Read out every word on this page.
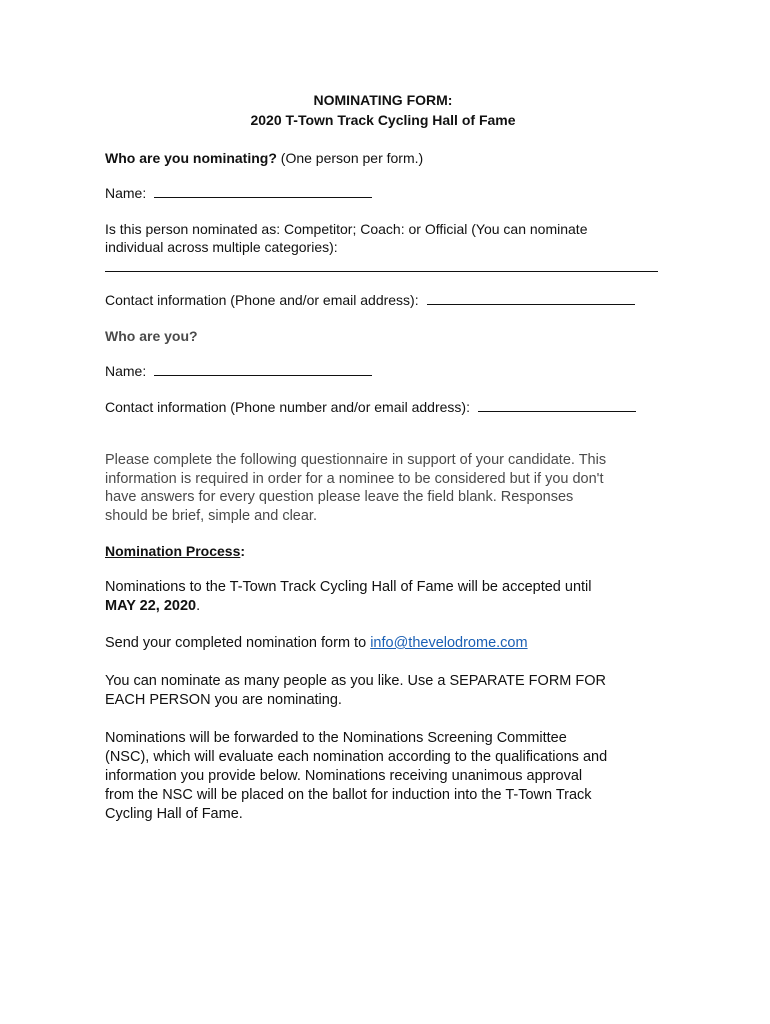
NOMINATING FORM:
2020 T-Town Track Cycling Hall of Fame
Who are you nominating? (One person per form.)
Name:
Is this person nominated as: Competitor; Coach: or Official (You can nominate
individual across multiple categories):
Contact information (Phone and/or email address):
Who are you?
Name:
Contact information (Phone number and/or email address):
Please complete the following questionnaire in support of your candidate. This
information is required in order for a nominee to be considered but if you don't
have answers for every question please leave the field blank. Responses
should be brief, simple and clear.
Nomination Process:
Nominations to the T-Town Track Cycling Hall of Fame will be accepted until
MAY 22, 2020.
Send your completed nomination form to info@thevelodrome.com
You can nominate as many people as you like. Use a SEPARATE FORM FOR
EACH PERSON you are nominating.
Nominations will be forwarded to the Nominations Screening Committee
(NSC), which will evaluate each nomination according to the qualifications and
information you provide below. Nominations receiving unanimous approval
from the NSC will be placed on the ballot for induction into the T-Town Track
Cycling Hall of Fame.
